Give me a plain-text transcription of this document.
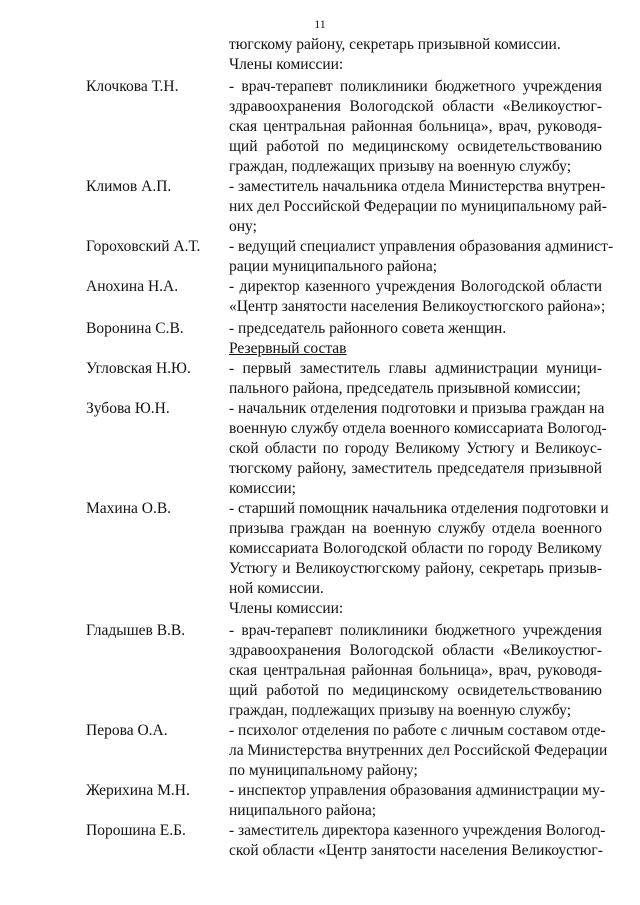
11
тюгскому району, секретарь призывной комиссии.
Члены комиссии:
Клочкова Т.Н.	- врач-терапевт поликлиники бюджетного учреждения
здравоохранения Вологодской области «Великоустюг-
ская центральная районная больница», врач, руководя-
щий работой по медицинскому освидетельствованию
граждан, подлежащих призыву на военную службу;
Климов А.П.	- заместитель начальника отдела Министерства внутрен-
них дел Российской Федерации по муниципальному рай-
ону;
Гороховский А.Т. - ведущий специалист управления образования админист-
рации муниципального района;
Анохина Н.А.	- директор казенного учреждения Вологодской области
«Центр занятости населения Великоустюгского района»;
Воронина С.В.	- председатель районного совета женщин.
Резервный состав
Угловская Н.Ю. - первый заместитель главы администрации муници-
пального района, председатель призывной комиссии;
Зубова Ю.Н.	- начальник отделения подготовки и призыва граждан на
военную службу отдела военного комиссариата Вологод-
ской области по городу Великому Устюгу и Великоус-
тюгскому району, заместитель председателя призывной
комиссии;
Махина О.В.	- старший помощник начальника отделения подготовки и
призыва граждан на военную службу отдела военного
комиссариата Вологодской области по городу Великому
Устюгу и Великоустюгскому району, секретарь призыв-
ной комиссии.
Члены комиссии:
Гладышев В.В.	- врач-терапевт поликлиники бюджетного учреждения
здравоохранения Вологодской области «Великоустюг-
ская центральная районная больница», врач, руководя-
щий работой по медицинскому освидетельствованию
граждан, подлежащих призыву на военную службу;
Перова О.А.	- психолог отделения по работе с личным составом отде-
ла Министерства внутренних дел Российской Федерации
по муниципальному району;
Жерихина М.Н.	- инспектор управления образования администрации му-
ниципального района;
Порошина Е.Б.	- заместитель директора казенного учреждения Вологод-
ской области «Центр занятости населения Великоустюг-
